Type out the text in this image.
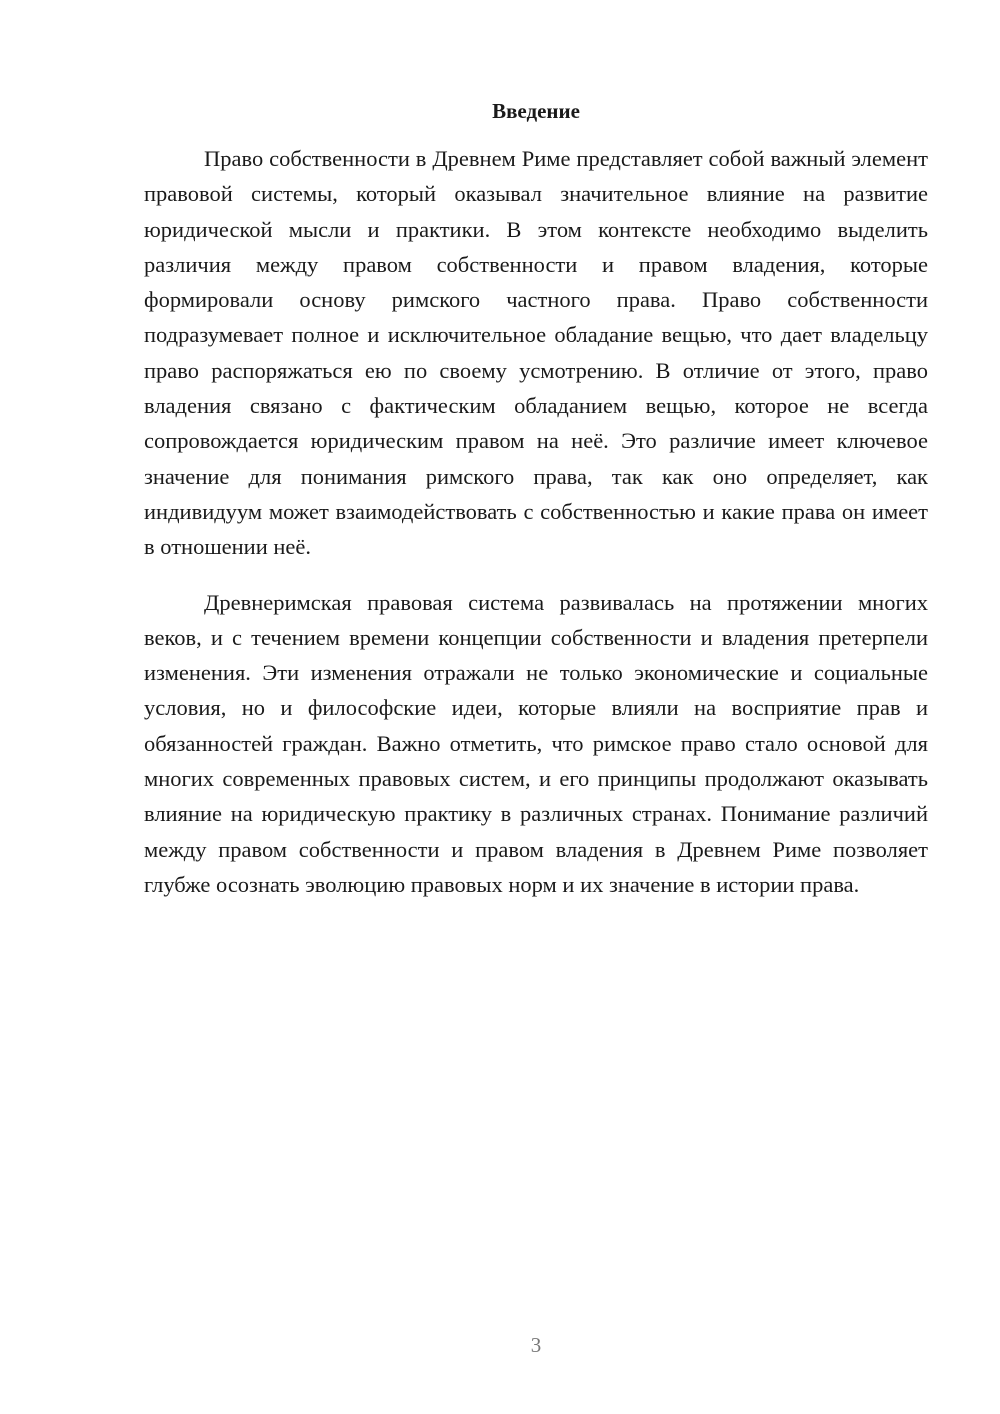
Введение

Право собственности в Древнем Риме представляет собой важный элемент правовой системы, который оказывал значительное влияние на развитие юридической мысли и практики. В этом контексте необходимо выделить различия между правом собственности и правом владения, которые формировали основу римского частного права. Право собственности подразумевает полное и исключительное обладание вещью, что дает владельцу право распоряжаться ею по своему усмотрению. В отличие от этого, право владения связано с фактическим обладанием вещью, которое не всегда сопровождается юридическим правом на неё. Это различие имеет ключевое значение для понимания римского права, так как оно определяет, как индивидуум может взаимодействовать с собственностью и какие права он имеет в отношении неё.

Древнеримская правовая система развивалась на протяжении многих веков, и с течением времени концепции собственности и владения претерпели изменения. Эти изменения отражали не только экономические и социальные условия, но и философские идеи, которые влияли на восприятие прав и обязанностей граждан. Важно отметить, что римское право стало основой для многих современных правовых систем, и его принципы продолжают оказывать влияние на юридическую практику в различных странах. Понимание различий между правом собственности и правом владения в Древнем Риме позволяет глубже осознать эволюцию правовых норм и их значение в истории права.

3
